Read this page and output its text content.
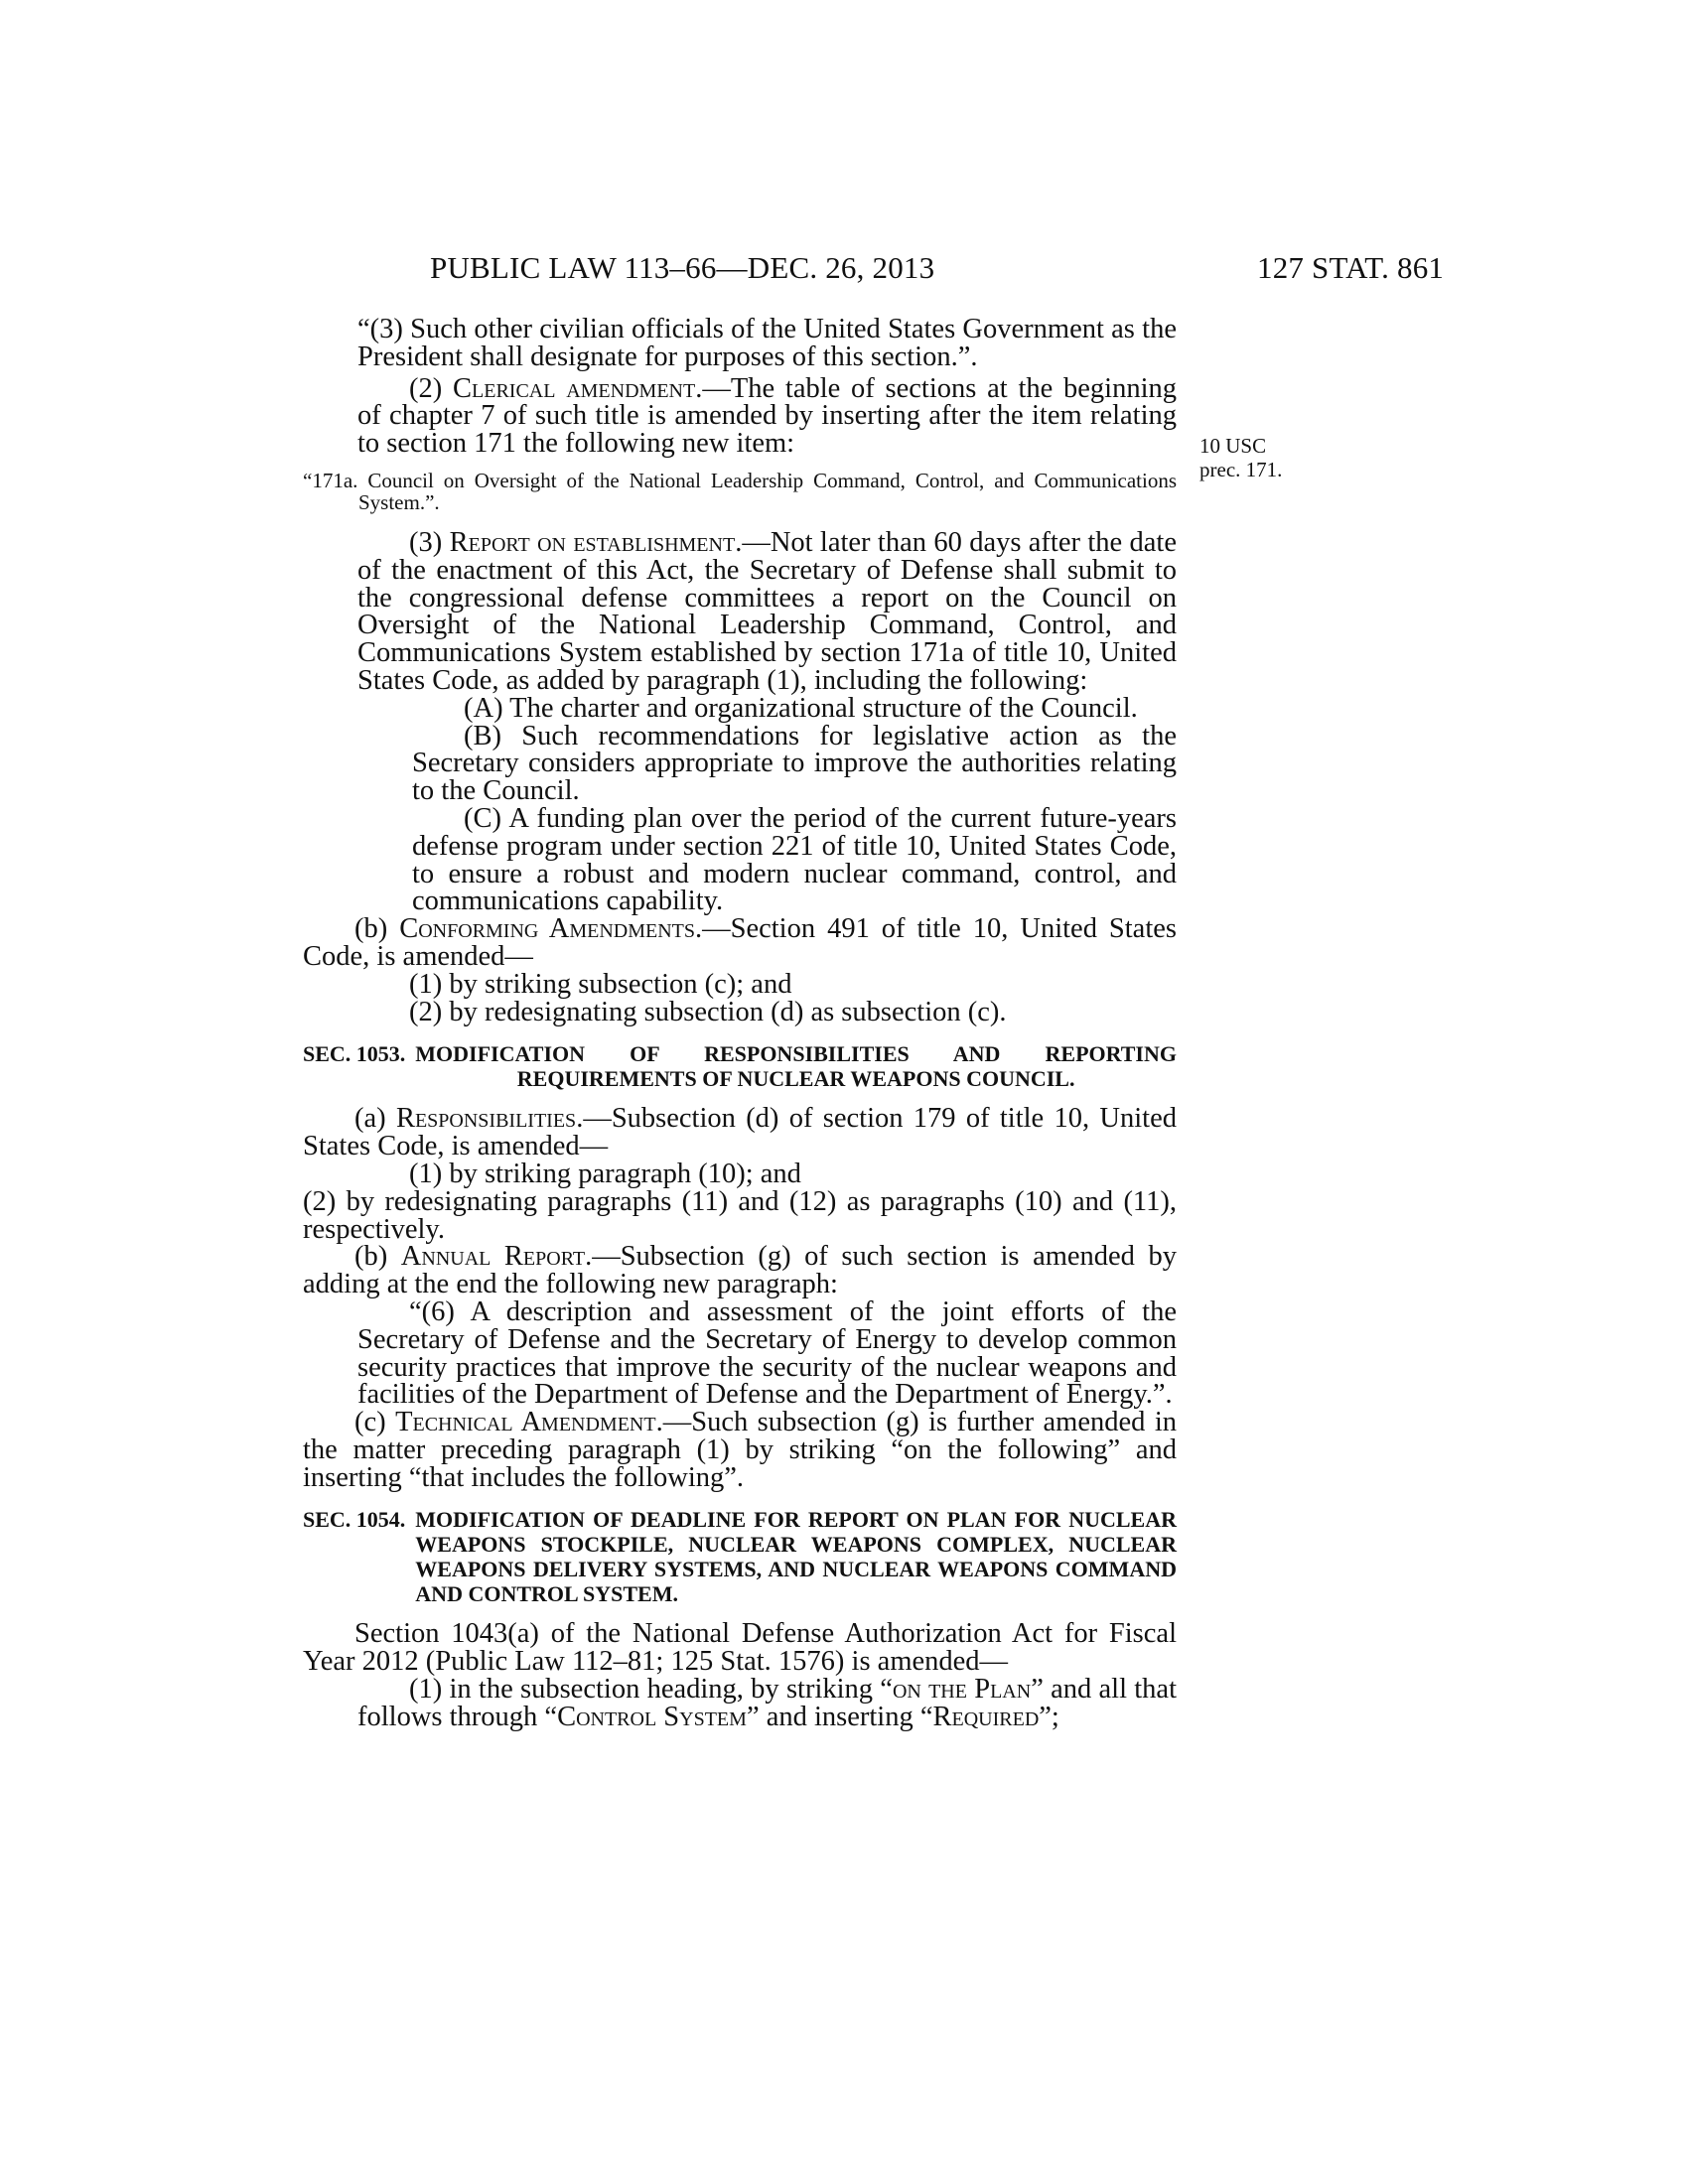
PUBLIC LAW 113–66—DEC. 26, 2013	127 STAT. 861
10 USC
prec. 171.

“(3) Such other civilian officials of the United States Government as the President shall designate for purposes of this section.”.

(2) Clerical amendment.—The table of sections at the beginning of chapter 7 of such title is amended by inserting after the item relating to section 171 the following new item:

“171a. Council on Oversight of the National Leadership Command, Control, and Communications System.”.

(3) Report on establishment.—Not later than 60 days after the date of the enactment of this Act, the Secretary of Defense shall submit to the congressional defense committees a report on the Council on Oversight of the National Leadership Command, Control, and Communications System established by section 171a of title 10, United States Code, as added by paragraph (1), including the following:

(A) The charter and organizational structure of the Council.

(B) Such recommendations for legislative action as the Secretary considers appropriate to improve the authorities relating to the Council.

(C) A funding plan over the period of the current future-years defense program under section 221 of title 10, United States Code, to ensure a robust and modern nuclear command, control, and communications capability.

(b) Conforming Amendments.—Section 491 of title 10, United States Code, is amended—

(1) by striking subsection (c); and

(2) by redesignating subsection (d) as subsection (c).

SEC. 1053. MODIFICATION OF RESPONSIBILITIES AND REPORTING REQUIREMENTS OF NUCLEAR WEAPONS COUNCIL.

(a) Responsibilities.—Subsection (d) of section 179 of title 10, United States Code, is amended—

(1) by striking paragraph (10); and

(2) by redesignating paragraphs (11) and (12) as paragraphs (10) and (11), respectively.

(b) Annual Report.—Subsection (g) of such section is amended by adding at the end the following new paragraph:

“(6) A description and assessment of the joint efforts of the Secretary of Defense and the Secretary of Energy to develop common security practices that improve the security of the nuclear weapons and facilities of the Department of Defense and the Department of Energy.”.

(c) Technical Amendment.—Such subsection (g) is further amended in the matter preceding paragraph (1) by striking “on the following” and inserting “that includes the following”.

SEC. 1054. MODIFICATION OF DEADLINE FOR REPORT ON PLAN FOR NUCLEAR WEAPONS STOCKPILE, NUCLEAR WEAPONS COMPLEX, NUCLEAR WEAPONS DELIVERY SYSTEMS, AND NUCLEAR WEAPONS COMMAND AND CONTROL SYSTEM.

Section 1043(a) of the National Defense Authorization Act for Fiscal Year 2012 (Public Law 112–81; 125 Stat. 1576) is amended—

(1) in the subsection heading, by striking “on the Plan” and all that follows through “Control System” and inserting “Required”;
